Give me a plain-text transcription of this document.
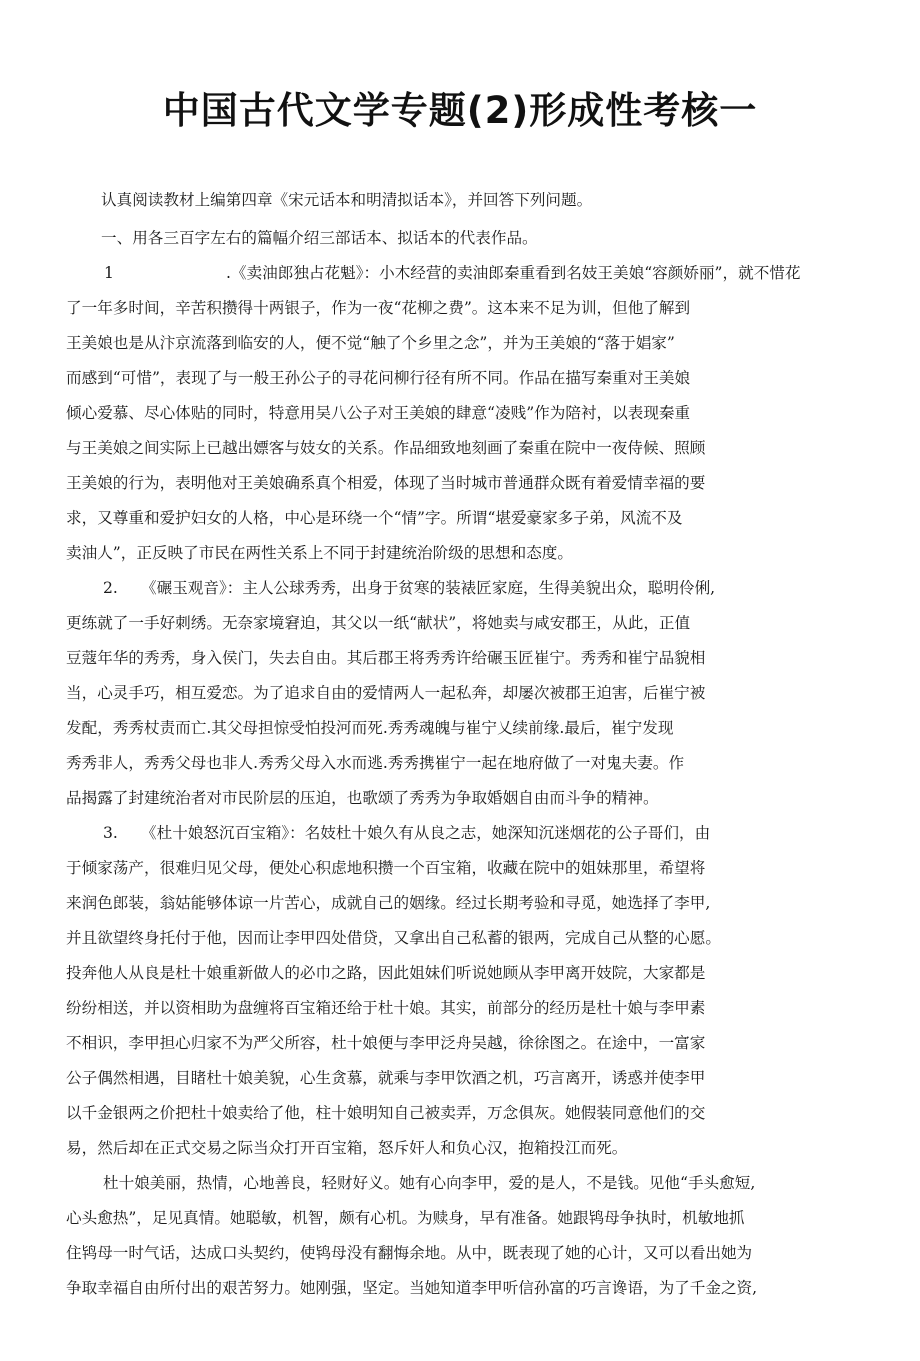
中国古代文学专题(2)形成性考核一
认真阅读教材上编第四章《宋元话本和明清拟话本》，并回答下列问题。
一、用各三百字左右的篇幅介绍三部话本、拟话本的代表作品。
1	.《卖油郎独占花魁》：小木经营的卖油郎秦重看到名妓王美娘“容颜娇丽”，就不惜花
了一年多时间，辛苦积攒得十两银子，作为一夜“花柳之费”。这本来不足为训，但他了解到
王美娘也是从汴京流落到临安的人，便不觉“触了个乡里之念”，并为王美娘的“落于娼家”
而感到“可惜”，表现了与一般王孙公子的寻花问柳行径有所不同。作品在描写秦重对王美娘
倾心爱慕、尽心体贴的同时，特意用吴八公子对王美娘的肆意“凌贱”作为陪衬，以表现秦重
与王美娘之间实际上已越出嫖客与妓女的关系。作品细致地刻画了秦重在院中一夜侍候、照顾
王美娘的行为，表明他对王美娘确系真个相爱，体现了当时城市普通群众既有着爱情幸福的要
求，又尊重和爱护妇女的人格，中心是环绕一个“情”字。所谓“堪爱豪家多子弟，风流不及
卖油人”，正反映了市民在两性关系上不同于封建统治阶级的思想和态度。
2. 《碾玉观音》：主人公球秀秀，出身于贫寒的装裱匠家庭，生得美貌出众，聪明伶俐,
更练就了一手好刺绣。无奈家境窘迫，其父以一纸“献状”，将她卖与咸安郡王，从此，正值
豆蔻年华的秀秀，身入侯门，失去自由。其后郡王将秀秀许给碾玉匠崔宁。秀秀和崔宁品貌相
当，心灵手巧，相互爱恋。为了追求自由的爱情两人一起私奔，却屡次被郡王迫害，后崔宁被
发配，秀秀杖责而亡.其父母担惊受怕投河而死.秀秀魂魄与崔宁乂续前缘.最后，崔宁发现
秀秀非人，秀秀父母也非人.秀秀父母入水而逃.秀秀携崔宁一起在地府做了一对鬼夫妻。作
品揭露了封建统治者对市民阶层的压迫，也歌颂了秀秀为争取婚姻自由而斗争的精神。
3. 《杜十娘怒沉百宝箱》：名妓杜十娘久有从良之志，她深知沉迷烟花的公子哥们，由
于倾家荡产，很难归见父母，便处心积虑地积攒一个百宝箱，收藏在院中的姐妹那里，希望将
来润色郎装，翁姑能够体谅一片苦心，成就自己的姻缘。经过长期考验和寻觅，她选择了李甲,
并且欲望终身托付于他，因而让李甲四处借贷，又拿出自己私蓄的银两，完成自己从整的心愿。
投奔他人从良是杜十娘重新做人的必巾之路，因此姐妹们听说她顾从李甲离开妓院，大家都是
纷纷相送，并以资相助为盘缠将百宝箱还给于杜十娘。其实，前部分的经历是杜十娘与李甲素
不相识，李甲担心归家不为严父所容，杜十娘便与李甲泛舟吴越，徐徐图之。在途中，一富家
公子偶然相遇，目睹杜十娘美貌，心生贪慕，就乘与李甲饮酒之机，巧言离开，诱惑并使李甲
以千金银两之价把杜十娘卖给了他，柱十娘明知自己被卖弄，万念俱灰。她假装同意他们的交
易，然后却在正式交易之际当众打开百宝箱，怒斥奸人和负心汉，抱箱投江而死。
杜十娘美丽，热情，心地善良，轻财好义。她有心向李甲，爱的是人，不是钱。见他“手头愈短,
心头愈热”，足见真情。她聪敏，机智，颇有心机。为赎身，早有准备。她跟鸨母争执时，机敏地抓
住鸨母一时气话，达成口头契约，使鸨母没有翻悔余地。从中，既表现了她的心计，又可以看出她为
争取幸福自由所付出的艰苦努力。她刚强，坚定。当她知道李甲听信孙富的巧言谗语，为了千金之资,
